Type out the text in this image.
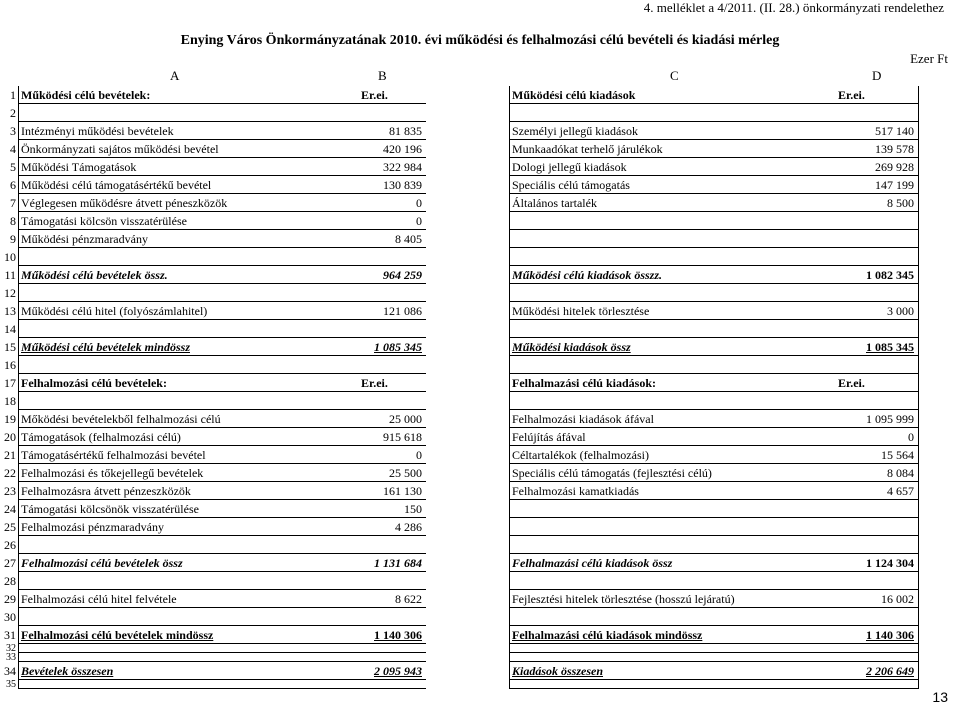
4. melléklet a 4/2011. (II. 28.) önkormányzati rendelethez
Enying Város Önkormányzatának 2010. évi működési és felhalmozási célú bevételi és kiadási mérleg
Ezer Ft
A	B	C	D
1 Működési célú bevételek:	Er.ei.	Működési célú kiadások	Er.ei.
2
3 Intézményi működési bevételek	81 835	Személyi jellegű kiadások	517 140
4 Önkormányzati sajátos működési bevétel	420 196	Munkaadókat terhelő járulékok	139 578
5 Működési Támogatások	322 984	Dologi jellegű kiadások	269 928
6 Működési célú támogatásértékű bevétel	130 839	Speciális célú támogatás	147 199
7 Véglegesen működésre átvett péneszközök	0	Általános tartalék	8 500
8 Támogatási kölcsön visszatérülése	0
9 Működési pénzmaradvány	8 405
10
11 Működési célú bevételek össz.	964 259	Működési célú kiadások összz.	1 082 345
12
13 Működési célú hitel (folyószámlahitel)	121 086	Működési hitelek törlesztése	3 000
14
15 Működési célú bevételek mindössz	1 085 345	Működési kiadások össz	1 085 345
16
17 Felhalmozási célú bevételek:	Er.ei.	Felhalmazási célú kiadások:	Er.ei.
18
19 Mőködési bevételekből felhalmozási célú	25 000	Felhalmozási kiadások áfával	1 095 999
20 Támogatások (felhalmozási célú)	915 618	Felújítás áfával	0
21 Támogatásértékű felhalmozási bevétel	0	Céltartalékok (felhalmozási)	15 564
22 Felhalmozási és tőkejellegű bevételek	25 500	Speciális célú támogatás (fejlesztési célú)	8 084
23 Felhalmozásra átvett pénzeszközök	161 130	Felhalmozási kamatkiadás	4 657
24 Támogatási kölcsönök visszatérülése	150
25 Felhalmozási pénzmaradvány	4 286
26
27 Felhalmozási célú bevételek össz	1 131 684	Felhalmazási célú kiadások össz	1 124 304
28
29 Felhalmozási célú hitel felvétele	8 622	Fejlesztési hitelek törlesztése (hosszú lejáratú)	16 002
30
31 Felhalmozási célú bevételek mindössz	1 140 306	Felhalmazási célú kiadások mindössz	1 140 306
32
33
34 Bevételek összesen	2 095 943	Kiadások összesen	2 206 649
35
13
